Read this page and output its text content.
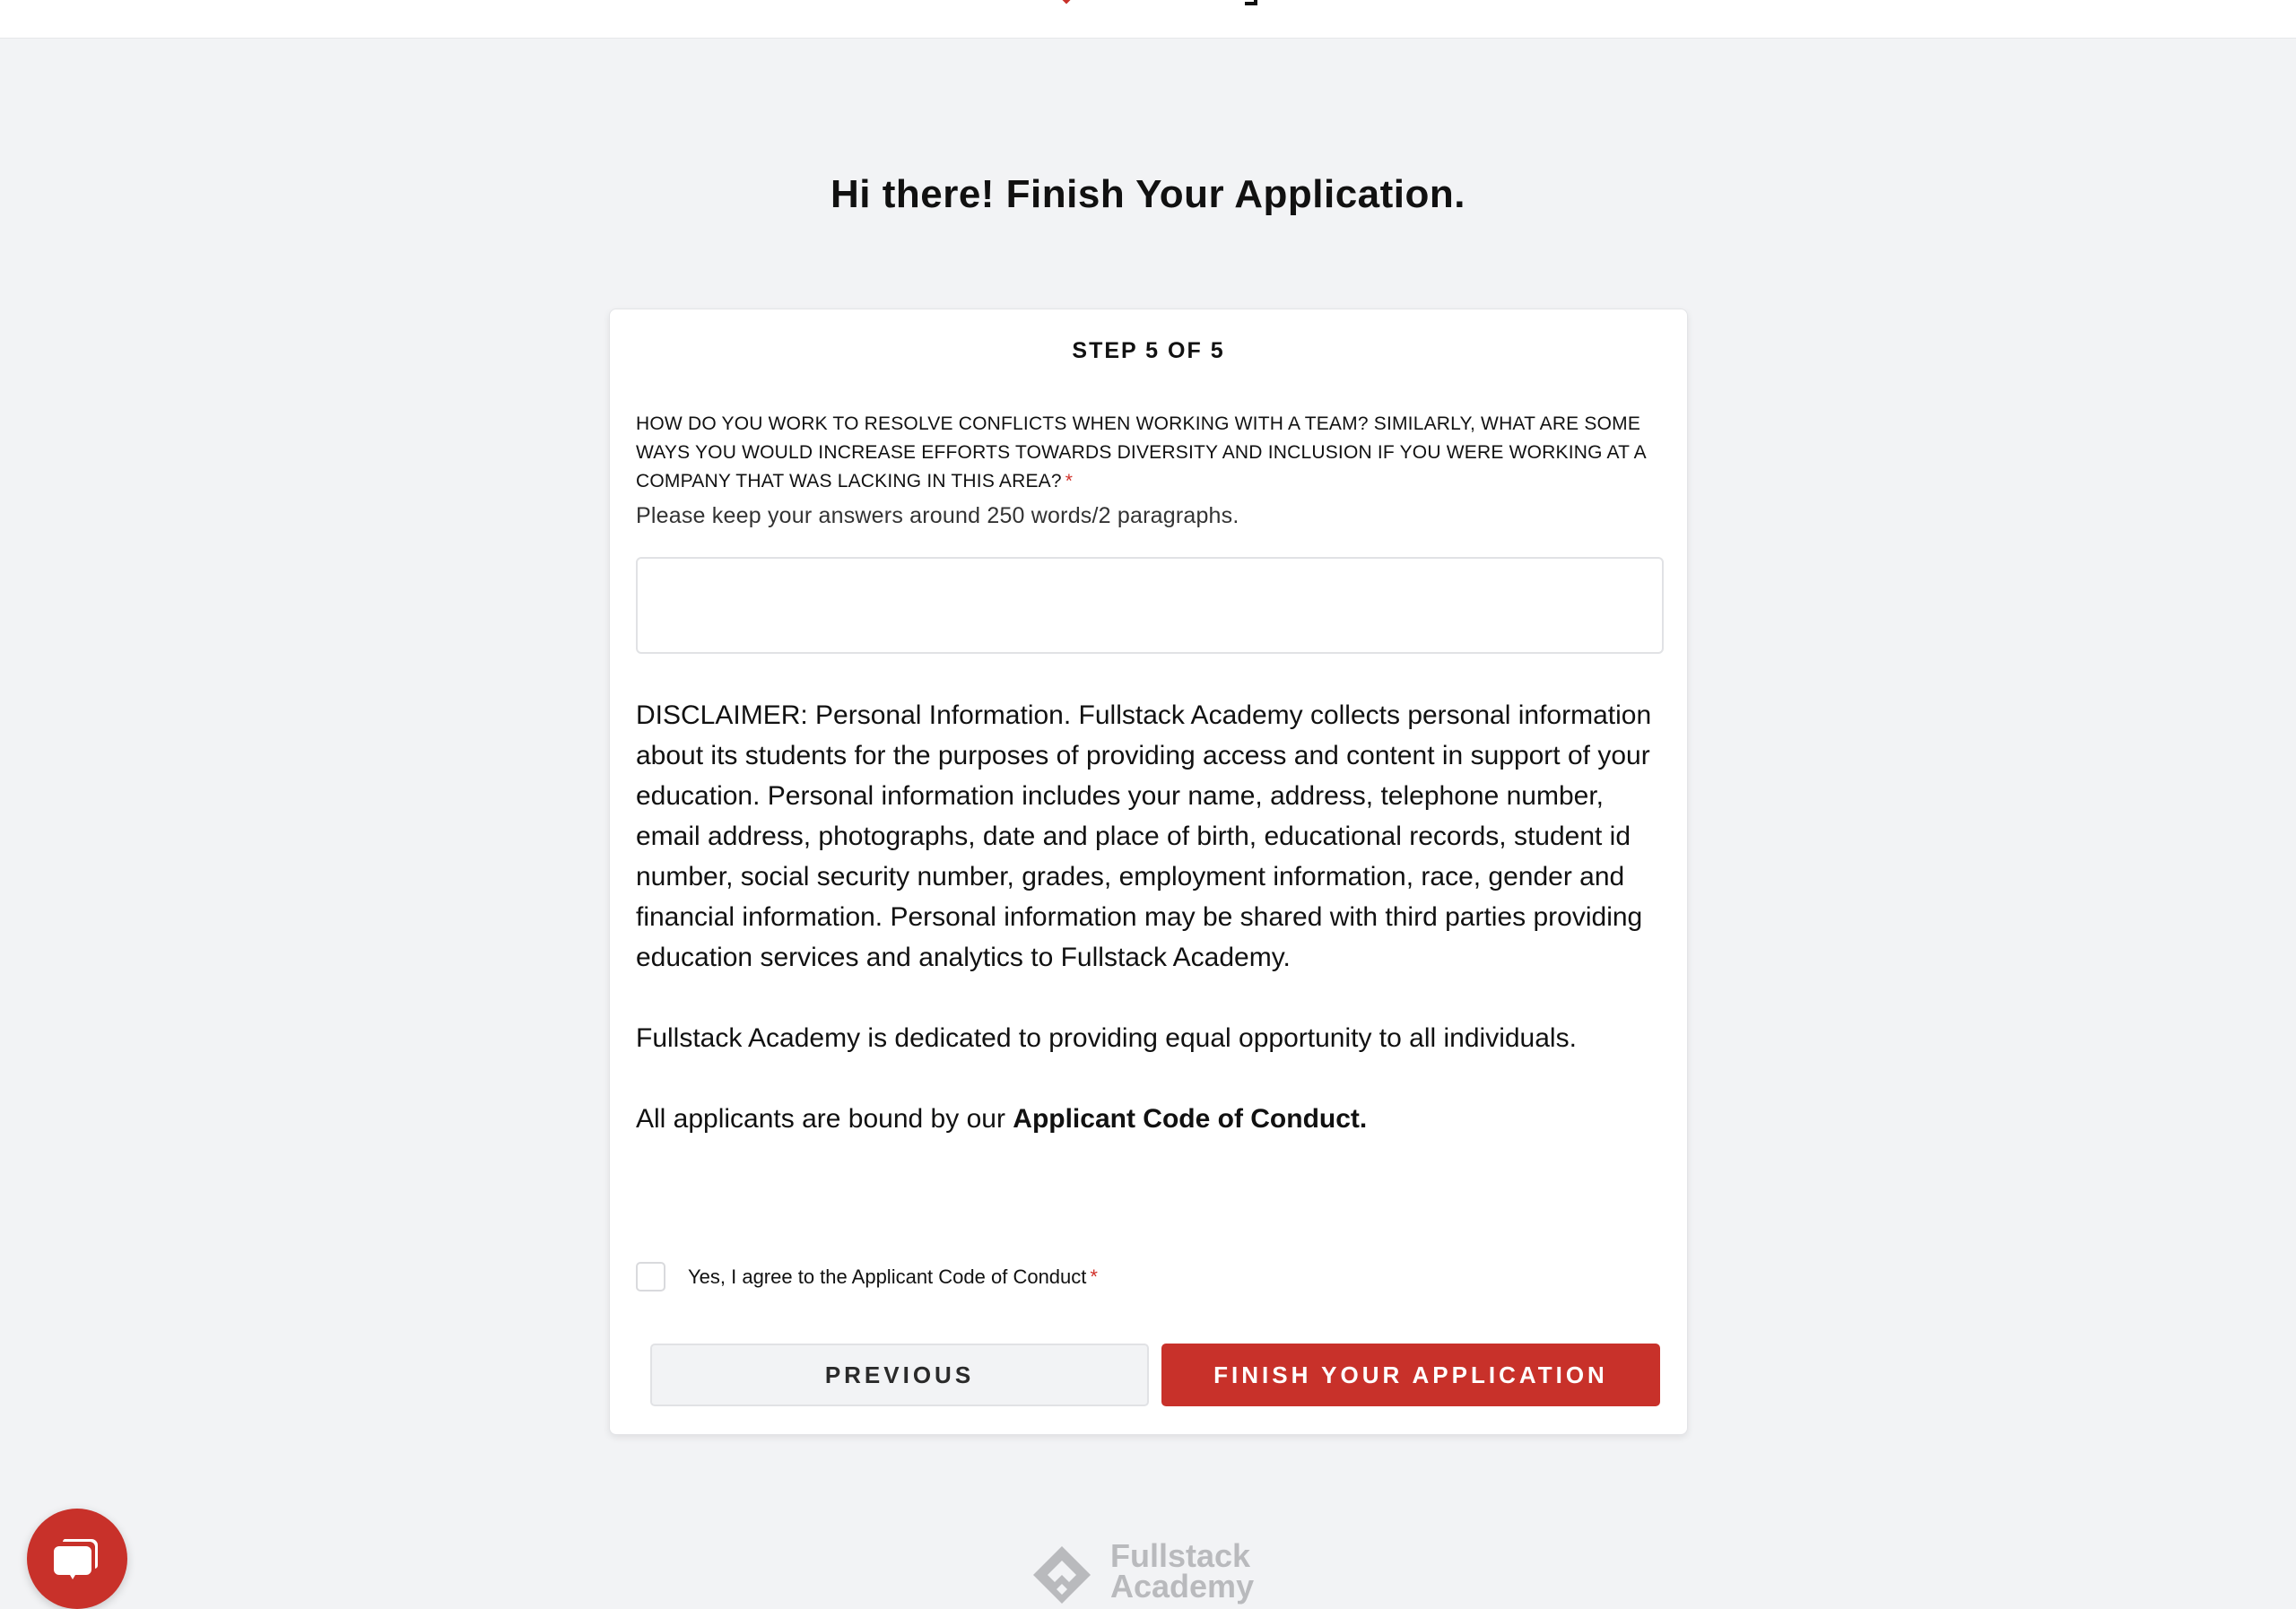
Hi there! Finish Your Application.
STEP 5 OF 5
HOW DO YOU WORK TO RESOLVE CONFLICTS WHEN WORKING WITH A TEAM? SIMILARLY, WHAT ARE SOME WAYS YOU WOULD INCREASE EFFORTS TOWARDS DIVERSITY AND INCLUSION IF YOU WERE WORKING AT A COMPANY THAT WAS LACKING IN THIS AREA? *
Please keep your answers around 250 words/2 paragraphs.

DISCLAIMER: Personal Information. Fullstack Academy collects personal information about its students for the purposes of providing access and content in support of your education. Personal information includes your name, address, telephone number, email address, photographs, date and place of birth, educational records, student id number, social security number, grades, employment information, race, gender and financial information. Personal information may be shared with third parties providing education services and analytics to Fullstack Academy.

Fullstack Academy is dedicated to providing equal opportunity to all individuals.

All applicants are bound by our Applicant Code of Conduct.

Yes, I agree to the Applicant Code of Conduct *
PREVIOUS	FINISH YOUR APPLICATION
Fullstack
Academy
